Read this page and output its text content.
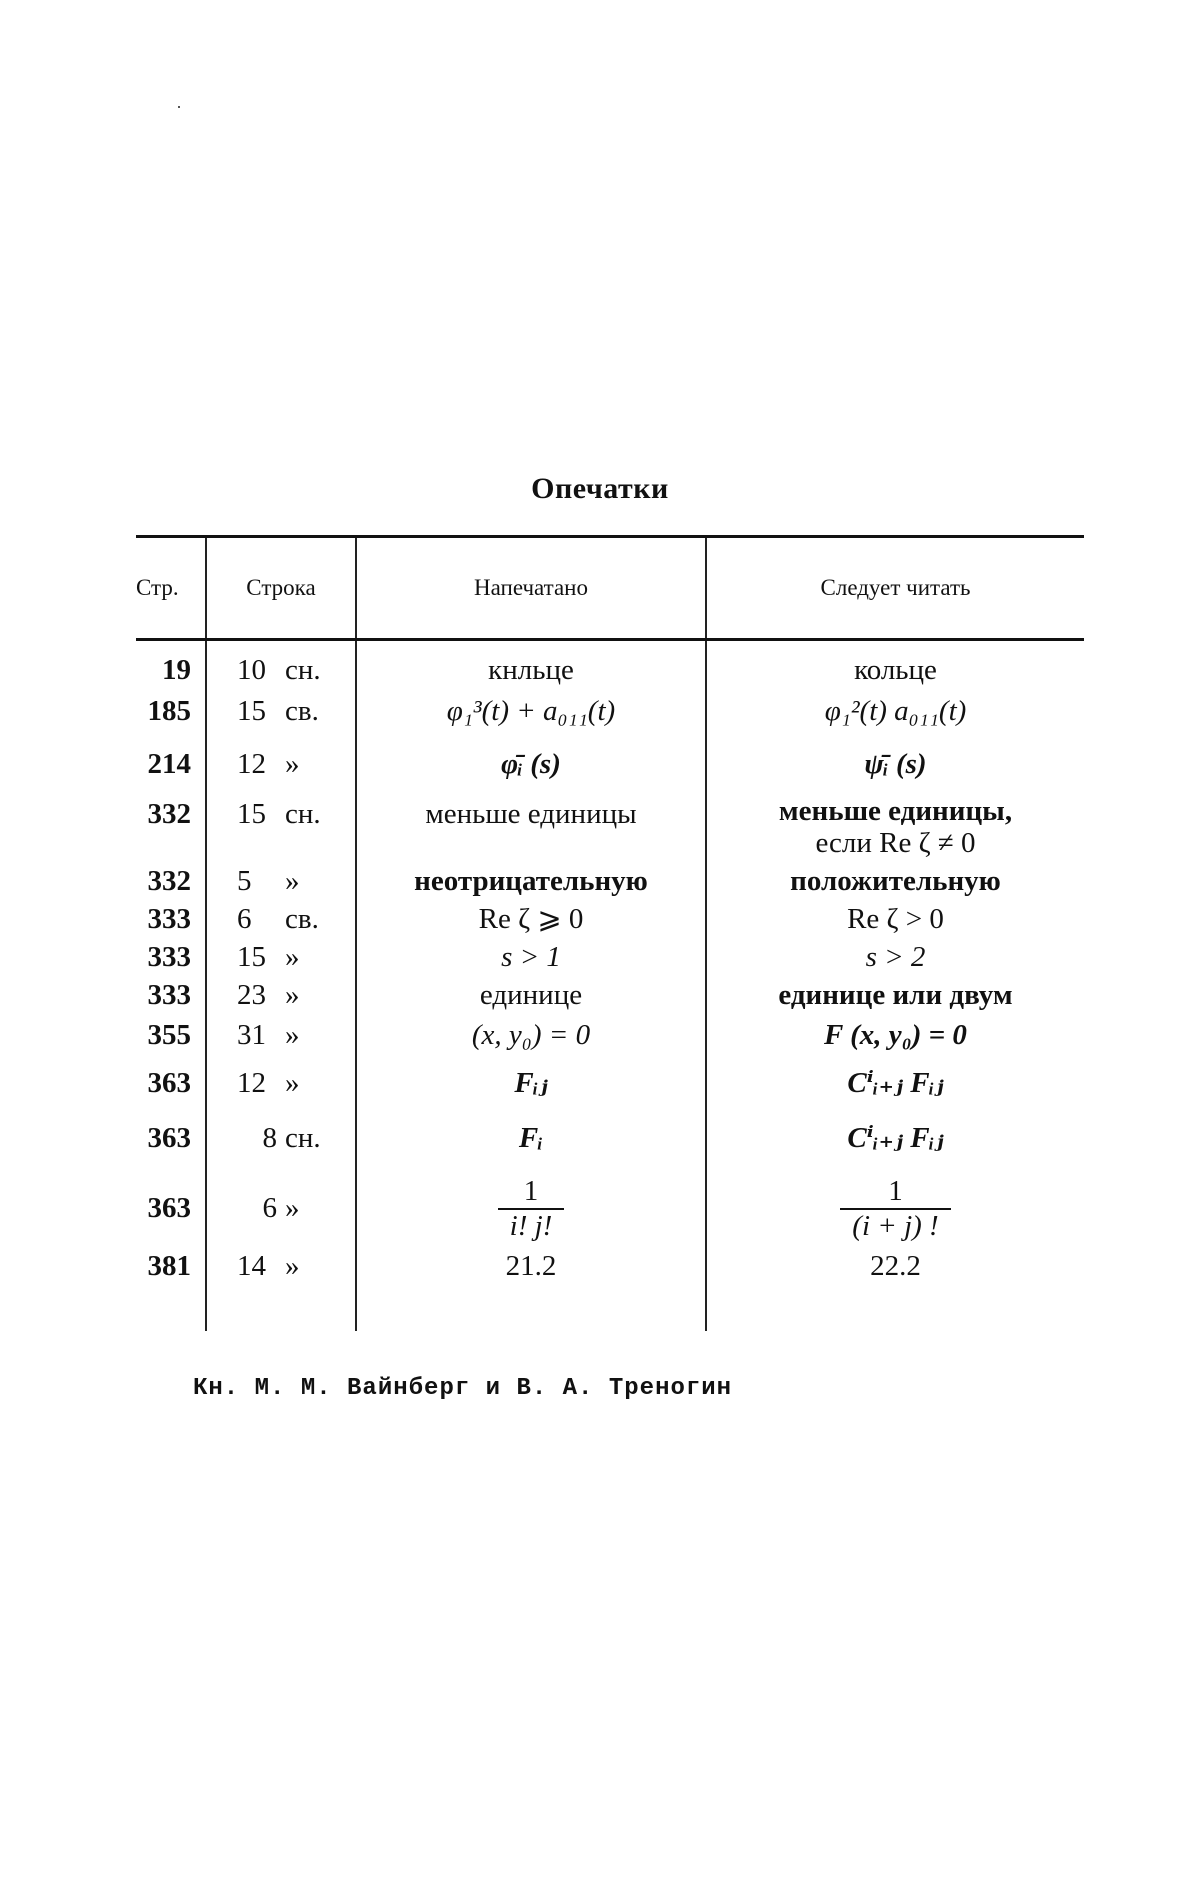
Опечатки
Стр.	Строка	Напечатано	Следует читать
19	10 сн.	кнльце	кольце
185	15 св.	φ₁³(t) + a₀₁₁(t)	φ₁²(t) a₀₁₁(t)
214	12 »	φ̄ᵢ (s)	ψ̄ᵢ (s)
332	15 сн.	меньше единицы	меньше единицы,
если Re ζ ≠ 0
332	5 »	неотрицательную	положительную
333	6 св.	Re ζ ⩾ 0	Re ζ > 0
333	15 »	s > 1	s > 2
333	23 »	единице	единице или двум
355	31 »	(x, y₀) = 0	F (x, y₀) = 0
363	12 »	Fᵢⱼ	Cⁱᵢ₊ⱼ Fᵢⱼ
363	8 сн.	Fᵢ	Cⁱᵢ₊ⱼ Fᵢⱼ
363	6 »	$\frac{1}{i! j!}$	$\frac{1}{(i + j) !}$

381	14 »	21.2	22.2
Кн. М. М. Вайнберг и В. А. Треногин
